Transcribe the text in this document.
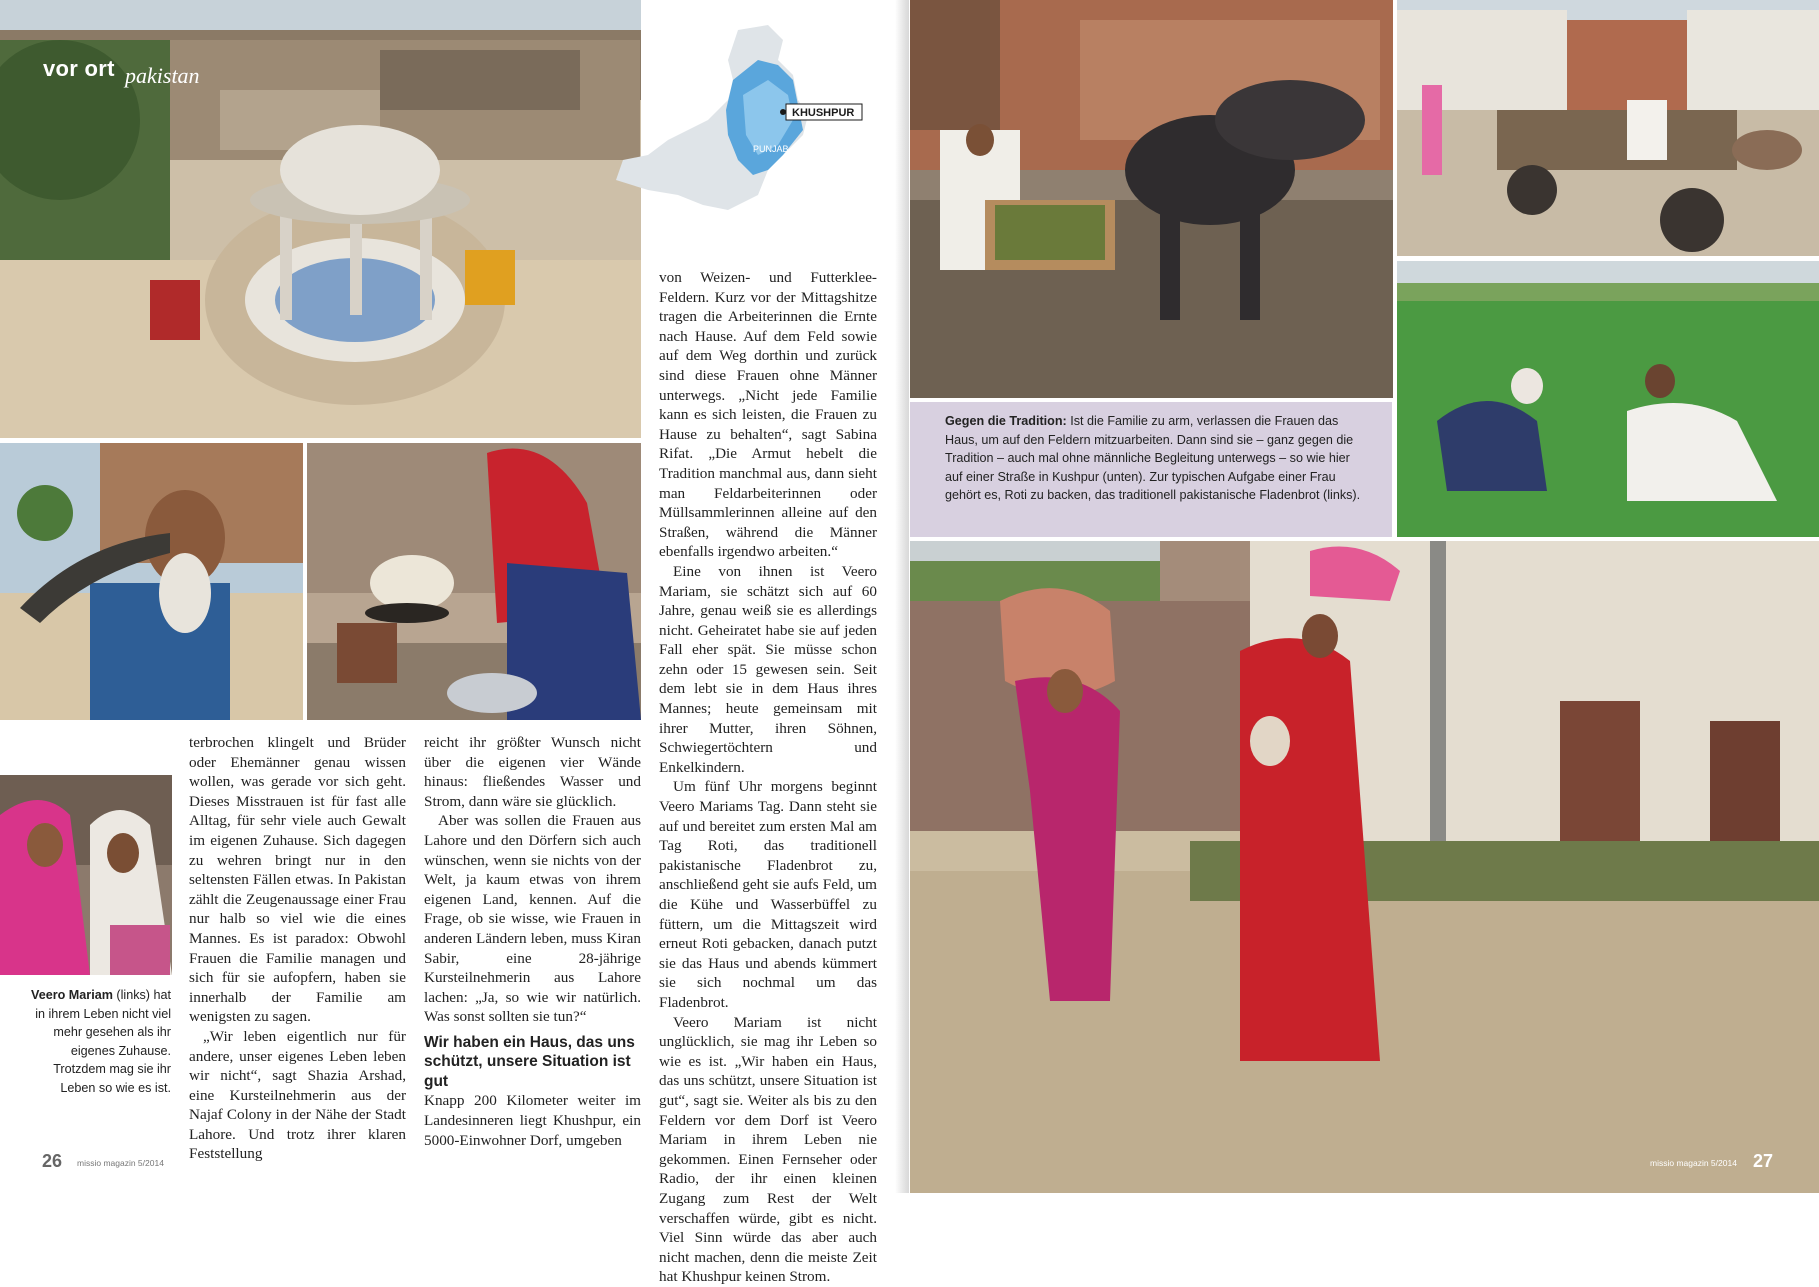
vor ort pakistan
PUNJAB
KHUSHPUR

von Weizen- und Futterklee-Feldern. Kurz vor der Mittagshitze tragen die Arbeiterinnen die Ernte nach Hause. Auf dem Feld sowie auf dem Weg dorthin und zurück sind diese Frauen ohne Männer unterwegs. „Nicht jede Familie kann es sich leisten, die Frauen zu Hause zu behalten“, sagt Sabina Rifat. „Die Armut hebelt die Tradition manchmal aus, dann sieht man Feldarbeiterinnen oder Müllsammlerinnen alleine auf den Straßen, während die Männer ebenfalls irgendwo arbeiten.“

Eine von ihnen ist Veero Mariam, sie schätzt sich auf 60 Jahre, genau weiß sie es allerdings nicht. Geheiratet habe sie auf jeden Fall eher spät. Sie müsse schon zehn oder 15 gewesen sein. Seit dem lebt sie in dem Haus ihres Mannes; heute gemeinsam mit ihrer Mutter, ihren Söhnen, Schwiegertöchtern und Enkelkindern.

Um fünf Uhr morgens beginnt Veero Mariams Tag. Dann steht sie auf und bereitet zum ersten Mal am Tag Roti, das traditionell pakistanische Fladenbrot zu, anschließend geht sie aufs Feld, um die Kühe und Wasserbüffel zu füttern, um die Mittagszeit wird erneut Roti gebacken, danach putzt sie das Haus und abends kümmert sie sich nochmal um das Fladenbrot.

Veero Mariam ist nicht unglücklich, sie mag ihr Leben so wie es ist. „Wir haben ein Haus, das uns schützt, unsere Situation ist gut“, sagt sie. Weiter als bis zu den Feldern vor dem Dorf ist Veero Mariam in ihrem Leben nie gekommen. Einen Fernseher oder Radio, der ihr einen kleinen Zugang zum Rest der Welt verschaffen würde, gibt es nicht. Viel Sinn würde das aber auch nicht machen, denn die meiste Zeit hat Khushpur keinen Strom.

terbrochen klingelt und Brüder oder Ehemänner genau wissen wollen, was gerade vor sich geht. Dieses Misstrauen ist für fast alle Alltag, für sehr viele auch Gewalt im eigenen Zuhause. Sich dagegen zu wehren bringt nur in den seltensten Fällen etwas. In Pakistan zählt die Zeugenaussage einer Frau nur halb so viel wie die eines Mannes. Es ist paradox: Obwohl Frauen die Familie managen und sich für sie aufopfern, haben sie innerhalb der Familie am wenigsten zu sagen.

„Wir leben eigentlich nur für andere, unser eigenes Leben leben wir nicht“, sagt Shazia Arshad, eine Kursteilnehmerin aus der Najaf Colony in der Nähe der Stadt Lahore. Und trotz ihrer klaren Feststellung

reicht ihr größter Wunsch nicht über die eigenen vier Wände hinaus: fließendes Wasser und Strom, dann wäre sie glücklich.

Aber was sollen die Frauen aus Lahore und den Dörfern sich auch wünschen, wenn sie nichts von der Welt, ja kaum etwas von ihrem eigenen Land, kennen. Auf die Frage, ob sie wisse, wie Frauen in anderen Ländern leben, muss Kiran Sabir, eine 28-jährige Kursteilnehmerin aus Lahore lachen: „Ja, so wie wir natürlich. Was sonst sollten sie tun?“

Wir haben ein Haus, das uns schützt, unsere Situation ist gut

Knapp 200 Kilometer weiter im Landesinneren liegt Khushpur, ein 5000-Einwohner Dorf, umgeben

Veero Mariam (links) hat in ihrem Leben nicht viel mehr gesehen als ihr eigenes Zuhause. Trotzdem mag sie ihr Leben so wie es ist.
26 missio magazin 5/2014
Gegen die Tradition: Ist die Familie zu arm, verlassen die Frauen das Haus, um auf den Feldern mitzuarbeiten. Dann sind sie – ganz gegen die Tradition – auch mal ohne männliche Begleitung unterwegs – so wie hier auf einer Straße in Kushpur (unten). Zur typischen Aufgabe einer Frau gehört es, Roti zu backen, das traditionell pakistanische Fladenbrot (links).
missio magazin 5/2014 27
